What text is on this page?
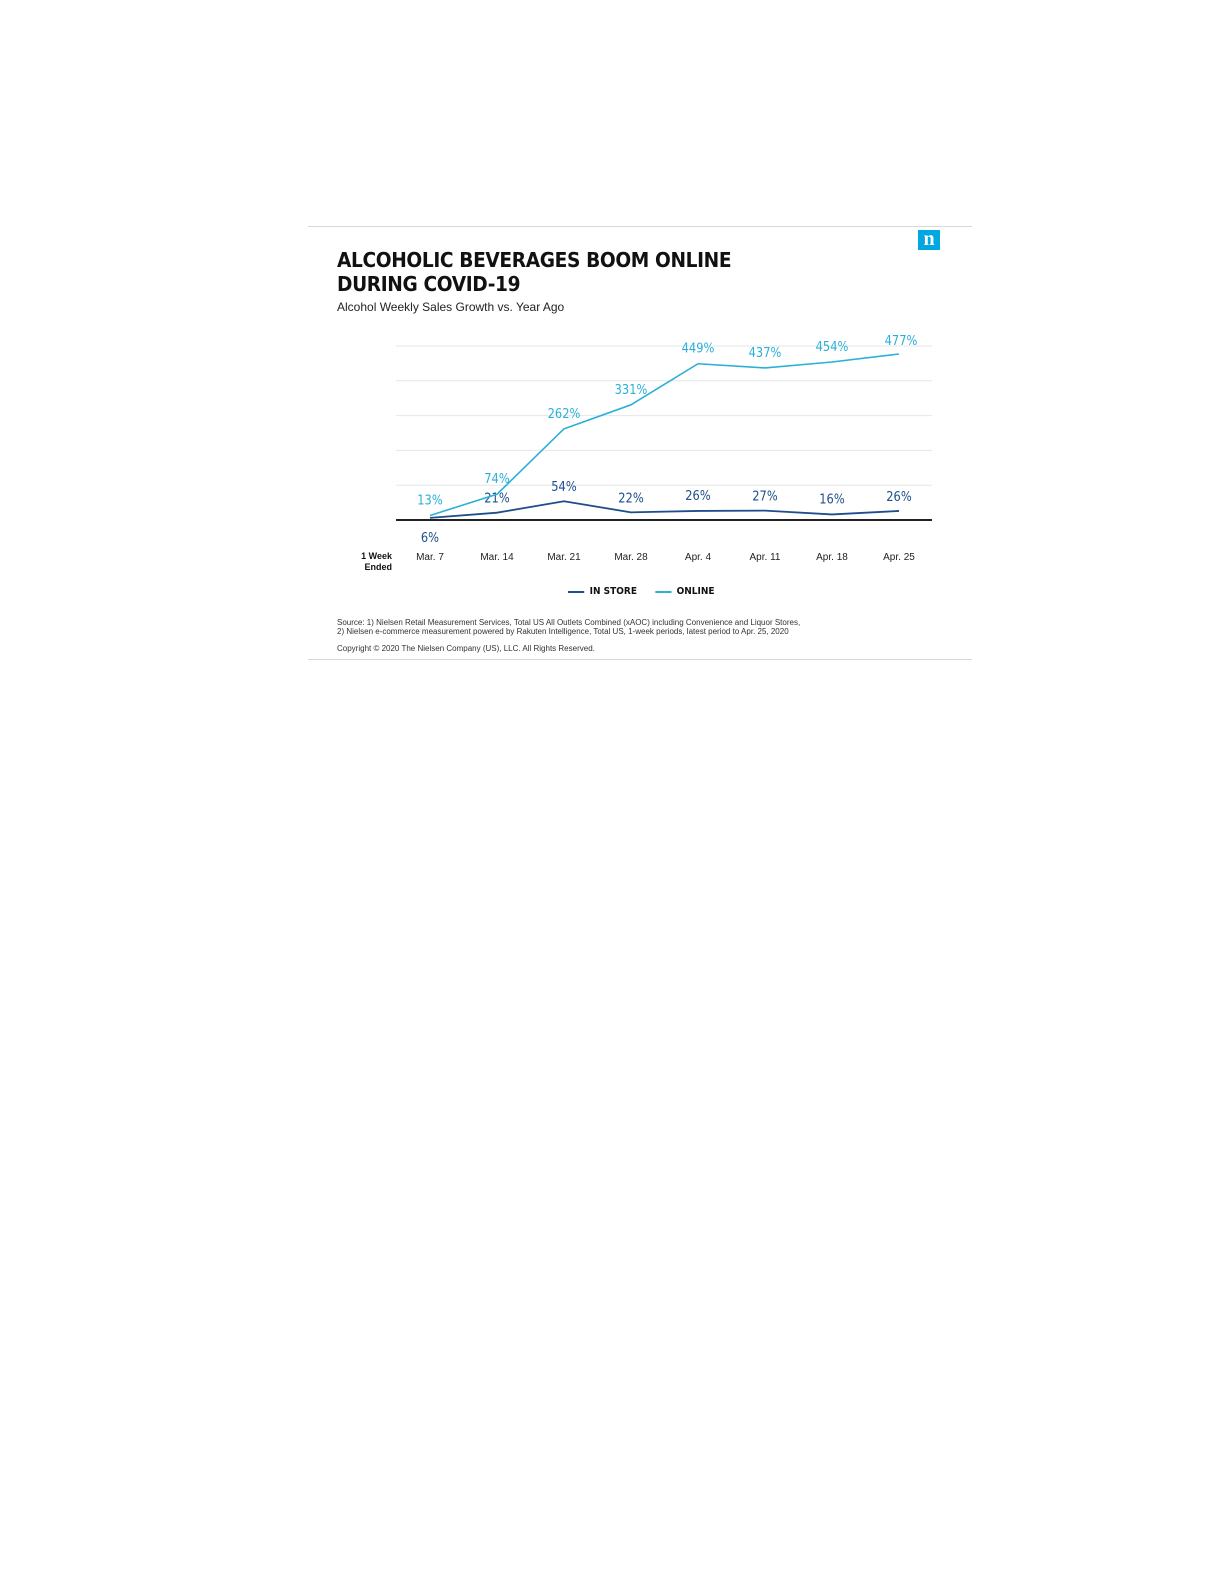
n
ALCOHOLIC BEVERAGES BOOM ONLINE
DURING COVID-19
Alcohol Weekly Sales Growth vs. Year Ago
Mar. 7	Mar. 14	Mar. 21	Mar. 28	Apr. 4	Apr. 11	Apr. 18	Apr. 25
1 Week
Ended
6%
21%
54%
22%	26%	27%	16%	26%
13%
74%
262%
331%
449%	437%	454%	477%
IN STORE	ONLINE
Source: 1) Nielsen Retail Measurement Services, Total US All Outlets Combined (xAOC) including Convenience and Liquor Stores,
2) Nielsen e-commerce measurement powered by Rakuten Intelligence, Total US, 1-week periods, latest period to Apr. 25, 2020
Copyright © 2020 The Nielsen Company (US), LLC. All Rights Reserved.
